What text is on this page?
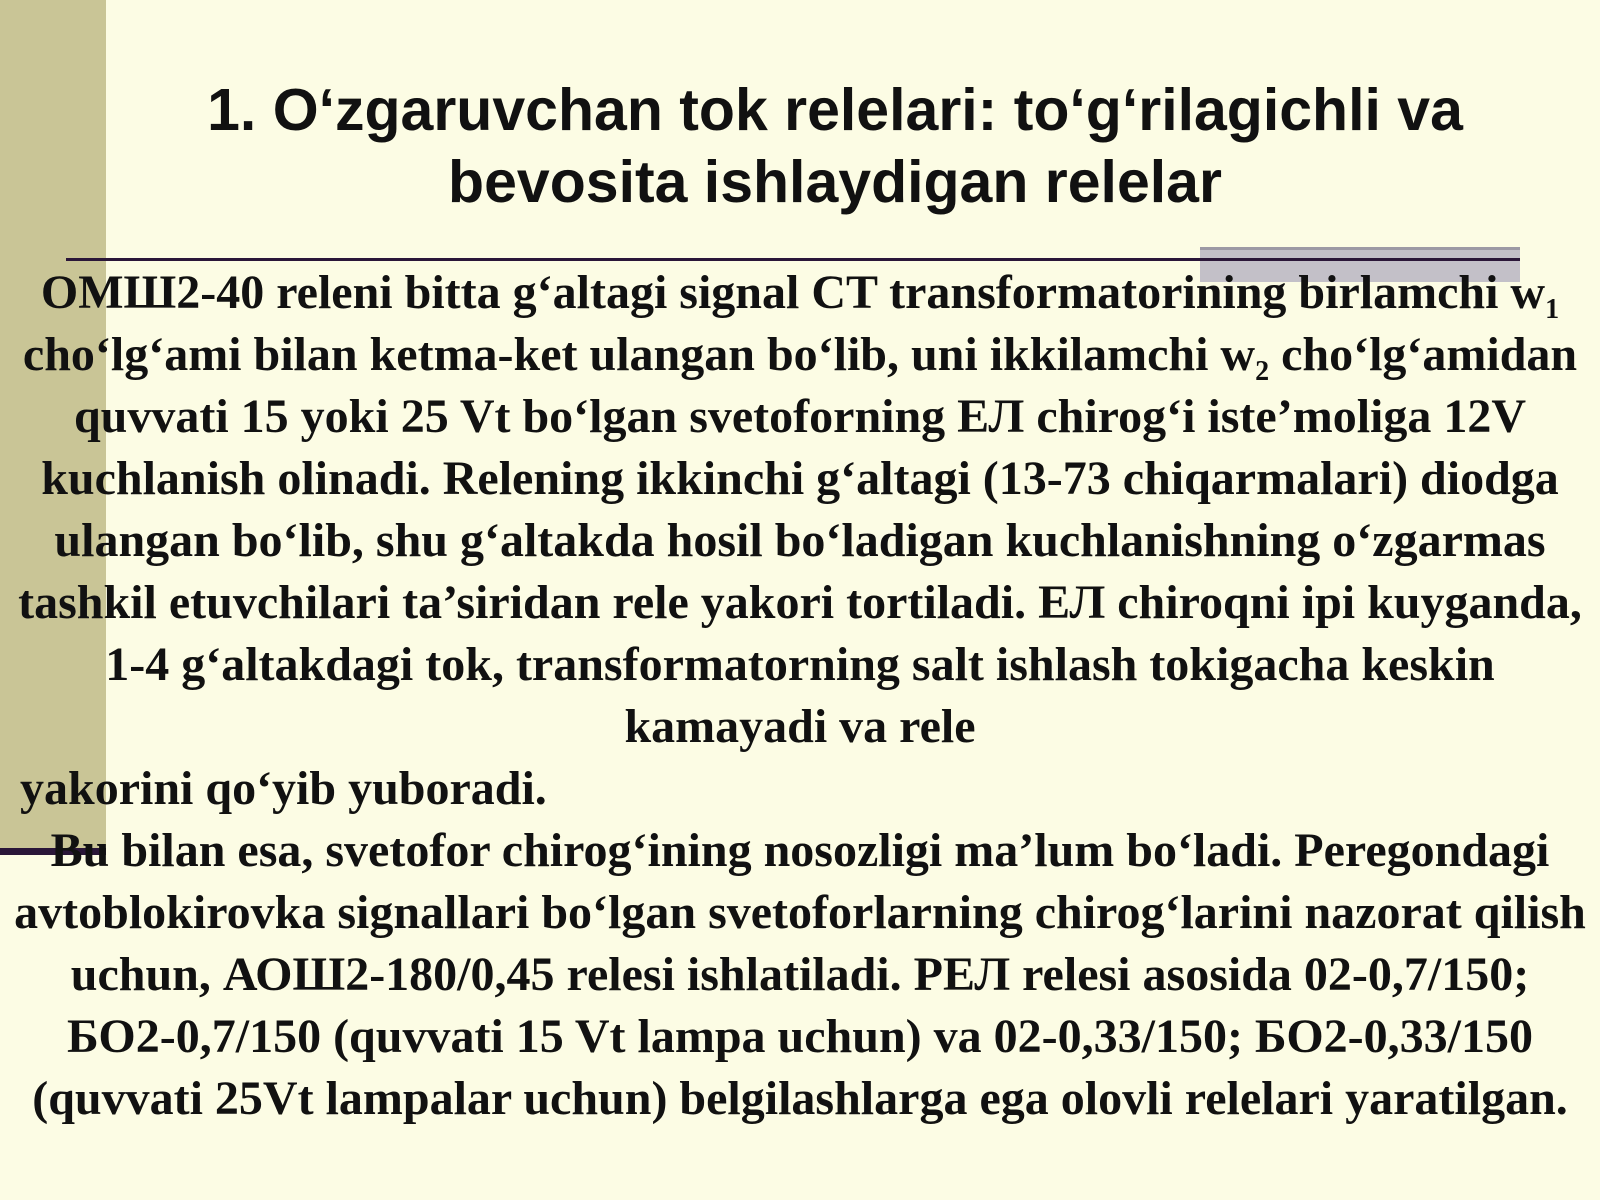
1. O‘zgaruvchan tok relelari: to‘g‘rilagichli va
bevosita ishlaydigan relelar

ОМШ2-40 releni bitta g‘altagi signal CT transformatorining birlamchi $w_1$ cho‘lg‘ami bilan ketma-ket ulangan bo‘lib, uni ikkilamchi $w_2$ cho‘lg‘amidan quvvati 15 yoki 25 Vt bo‘lgan svetoforning ЕЛ chirog‘i iste’moliga 12V kuchlanish olinadi. Relening ikkinchi g‘altagi (13-73 chiqarmalari) diodga ulangan bo‘lib, shu g‘altakda hosil bo‘ladigan kuchlanishning o‘zgarmas tashkil etuvchilari ta’siridan rele yakori tortiladi. ЕЛ chiroqni ipi kuyganda, 1-4 g‘altakdagi tok, transformatorning salt ishlash tokigacha keskin kamayadi va rele

yakorini qo‘yib yuboradi.

Bu bilan esa, svetofor chirog‘ining nosozligi ma’lum bo‘ladi. Peregondagi avtoblokirovka signallari bo‘lgan svetoforlarning chirog‘larini nazorat qilish uchun, АОШ2-180/0,45 relesi ishlatiladi. РЕЛ relesi asosida 02-0,7/150; БО2-0,7/150 (quvvati 15 Vt lampa uchun) va 02-0,33/150; БО2-0,33/150 (quvvati 25Vt lampalar uchun) belgilashlarga ega olovli relelari yaratilgan.
